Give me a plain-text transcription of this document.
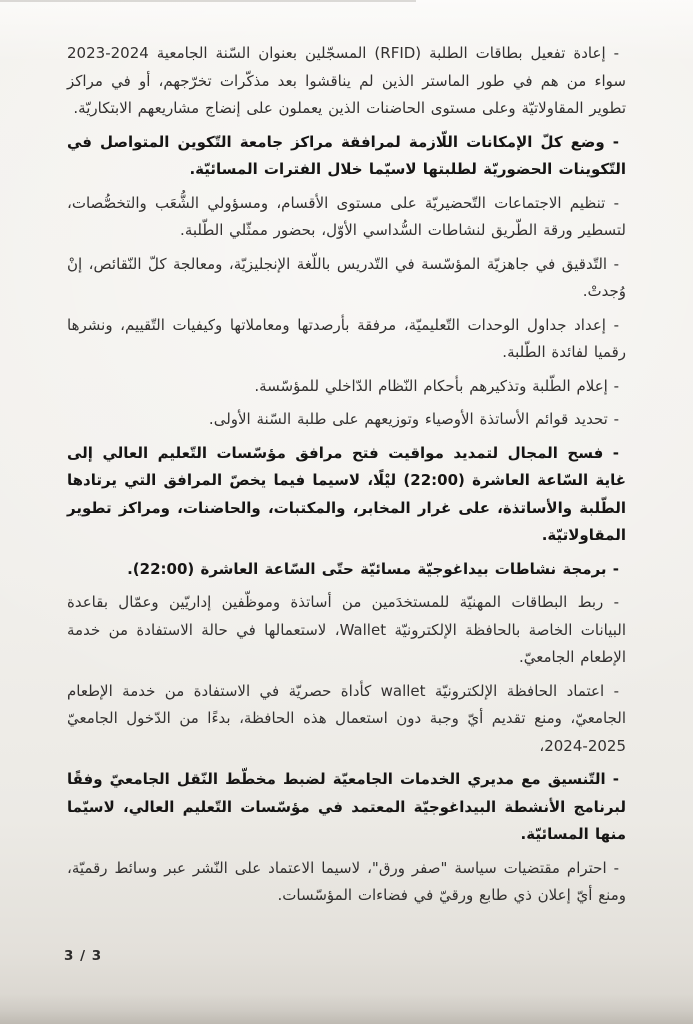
- إعادة تفعيل بطاقات الطلبة (RFID) المسجّلين بعنوان السّنة الجامعية 2024-2023 سواء من هم في طور الماستر الذين لم يناقشوا بعد مذكّرات تخرّجهم، أو في مراكز تطوير المقاولاتيّة وعلى مستوى الحاضنات الذين يعملون على إنضاج مشاريعهم الابتكاريّة.

- وضع كلّ الإمكانات اللّازمة لمرافقة مراكز جامعة التّكوين المتواصل في التّكوينات الحضوريّة لطلبتها لاسيّما خلال الفترات المسائيّة.

- تنظيم الاجتماعات التّحضيريّة على مستوى الأقسام، ومسؤولي الشُّعَب والتخصُّصات، لتسطير ورقة الطّريق لنشاطات السُّداسي الأوّل، بحضور ممثّلي الطّلبة.

- التّدقيق في جاهزيّة المؤسّسة في التّدريس باللّغة الإنجليزيّة، ومعالجة كلّ النّقائص، إنْ وُجدتْ.

- إعداد جداول الوحدات التّعليميّة، مرفقة بأرصدتها ومعاملاتها وكيفيات التّقييم، ونشرها رقميا لفائدة الطّلبة.

- إعلام الطّلبة وتذكيرهم بأحكام النّظام الدّاخلي للمؤسّسة.

- تحديد قوائم الأساتذة الأوصياء وتوزيعهم على طلبة السّنة الأولى.

- فسح المجال لتمديد مواقيت فتح مرافق مؤسّسات التّعليم العالي إلى غاية السّاعة العاشرة (22:00) ليْلًا، لاسيما فيما يخصّ المرافق التي يرتادها الطّلبة والأساتذة، على غرار المخابر، والمكتبات، والحاضنات، ومراكز تطوير المقاولاتيّة.

- برمجة نشاطات بيداغوجيّة مسائيّة حتّى السّاعة العاشرة (22:00).

- ربط البطاقات المهنيّة للمستخدَمين من أساتذة وموظّفين إداريّين وعمّال بقاعدة البيانات الخاصة بالحافظة الإلكترونيّة Wallet، لاستعمالها في حالة الاستفادة من خدمة الإطعام الجامعيّ.

- اعتماد الحافظة الإلكترونيّة wallet كأداة حصريّة في الاستفادة من خدمة الإطعام الجامعيّ، ومنع تقديم أيّ وجبة دون استعمال هذه الحافظة، بدءًا من الدّخول الجامعيّ 2025-2024،

- التّنسيق مع مديري الخدمات الجامعيّة لضبط مخطّط النّقل الجامعيّ وفقًا لبرنامج الأنشطة البيداغوجيّة المعتمد في مؤسّسات التّعليم العالي، لاسيّما منها المسائيّة.

- احترام مقتضيات سياسة "صفر ورق"، لاسيما الاعتماد على النّشر عبر وسائط رقميّة، ومنع أيّ إعلان ذي طابع ورقيّ في فضاءات المؤسّسات.

3 / 3
